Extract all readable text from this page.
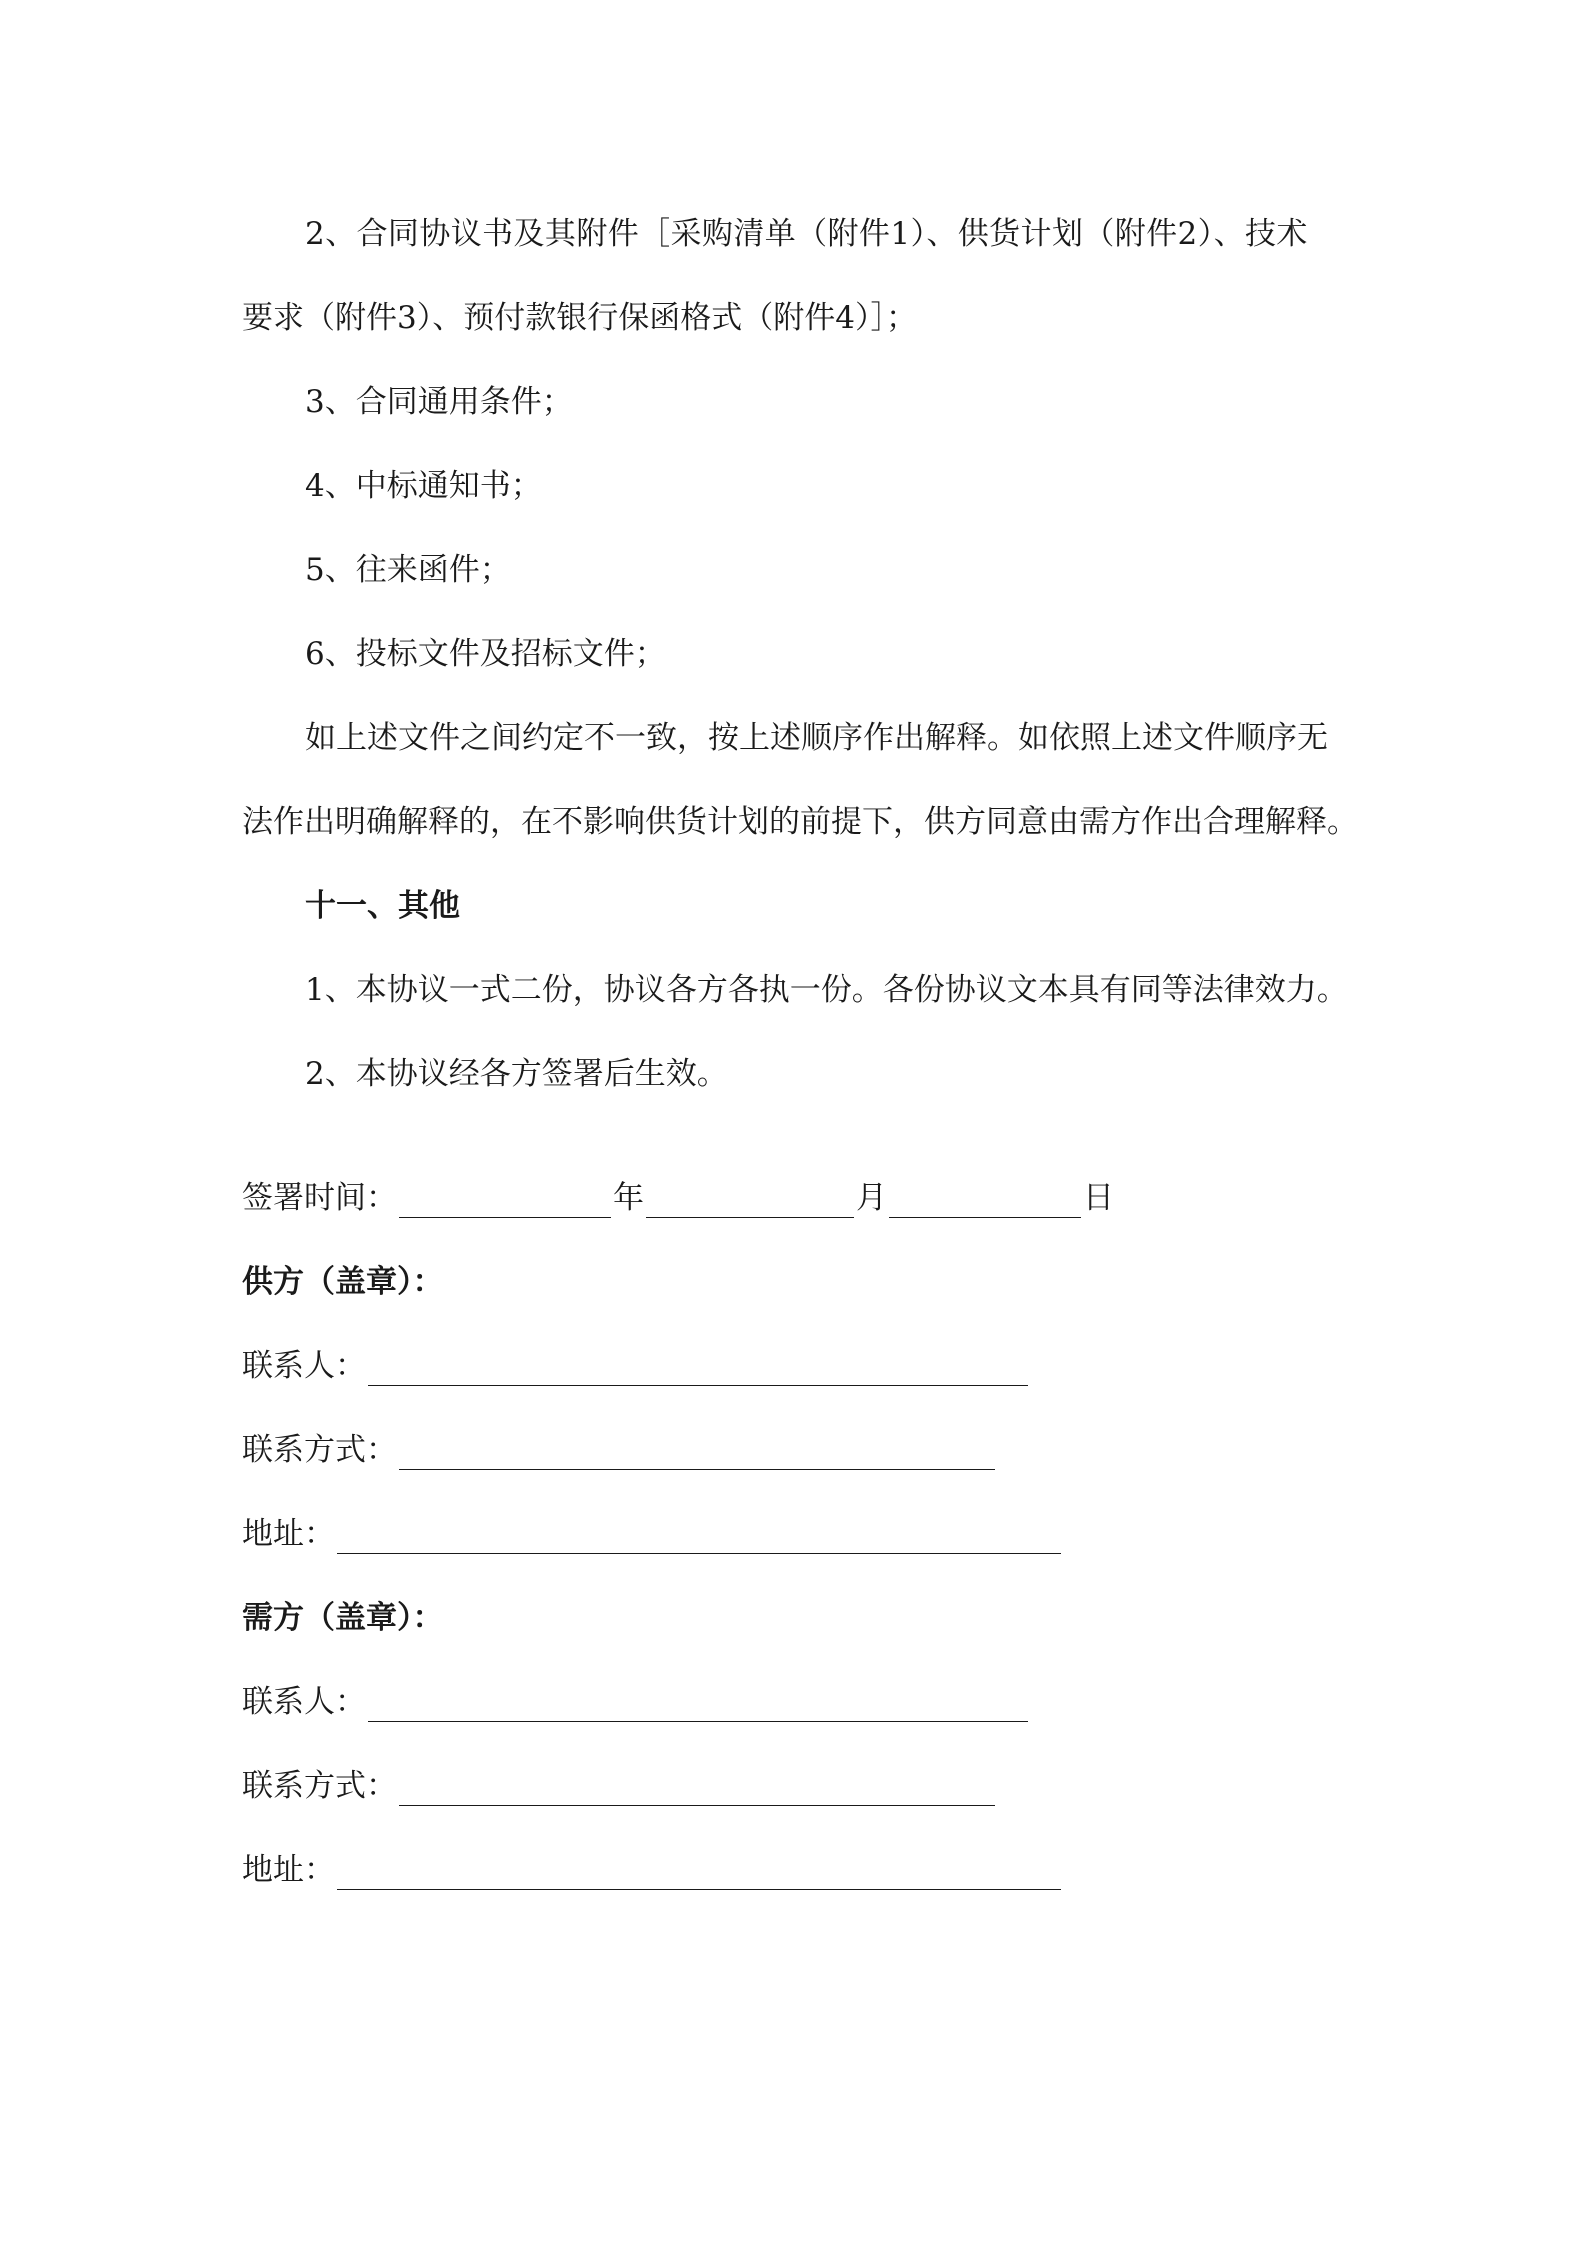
2、合同协议书及其附件［采购清单（附件1）、供货计划（附件2）、技术
要求（附件3）、预付款银行保函格式（附件4）］；
3、合同通用条件；
4、中标通知书；
5、往来函件；
6、投标文件及招标文件；
如上述文件之间约定不一致，按上述顺序作出解释。如依照上述文件顺序无
法作出明确解释的，在不影响供货计划的前提下，供方同意由需方作出合理解释。
十一、其他
1、本协议一式二份，协议各方各执一份。各份协议文本具有同等法律效力。
2、本协议经各方签署后生效。
签署时间：	年	月	日
供方（盖章）：
联系人：
联系方式：
地址：
需方（盖章）：
联系人：
联系方式：
地址：
